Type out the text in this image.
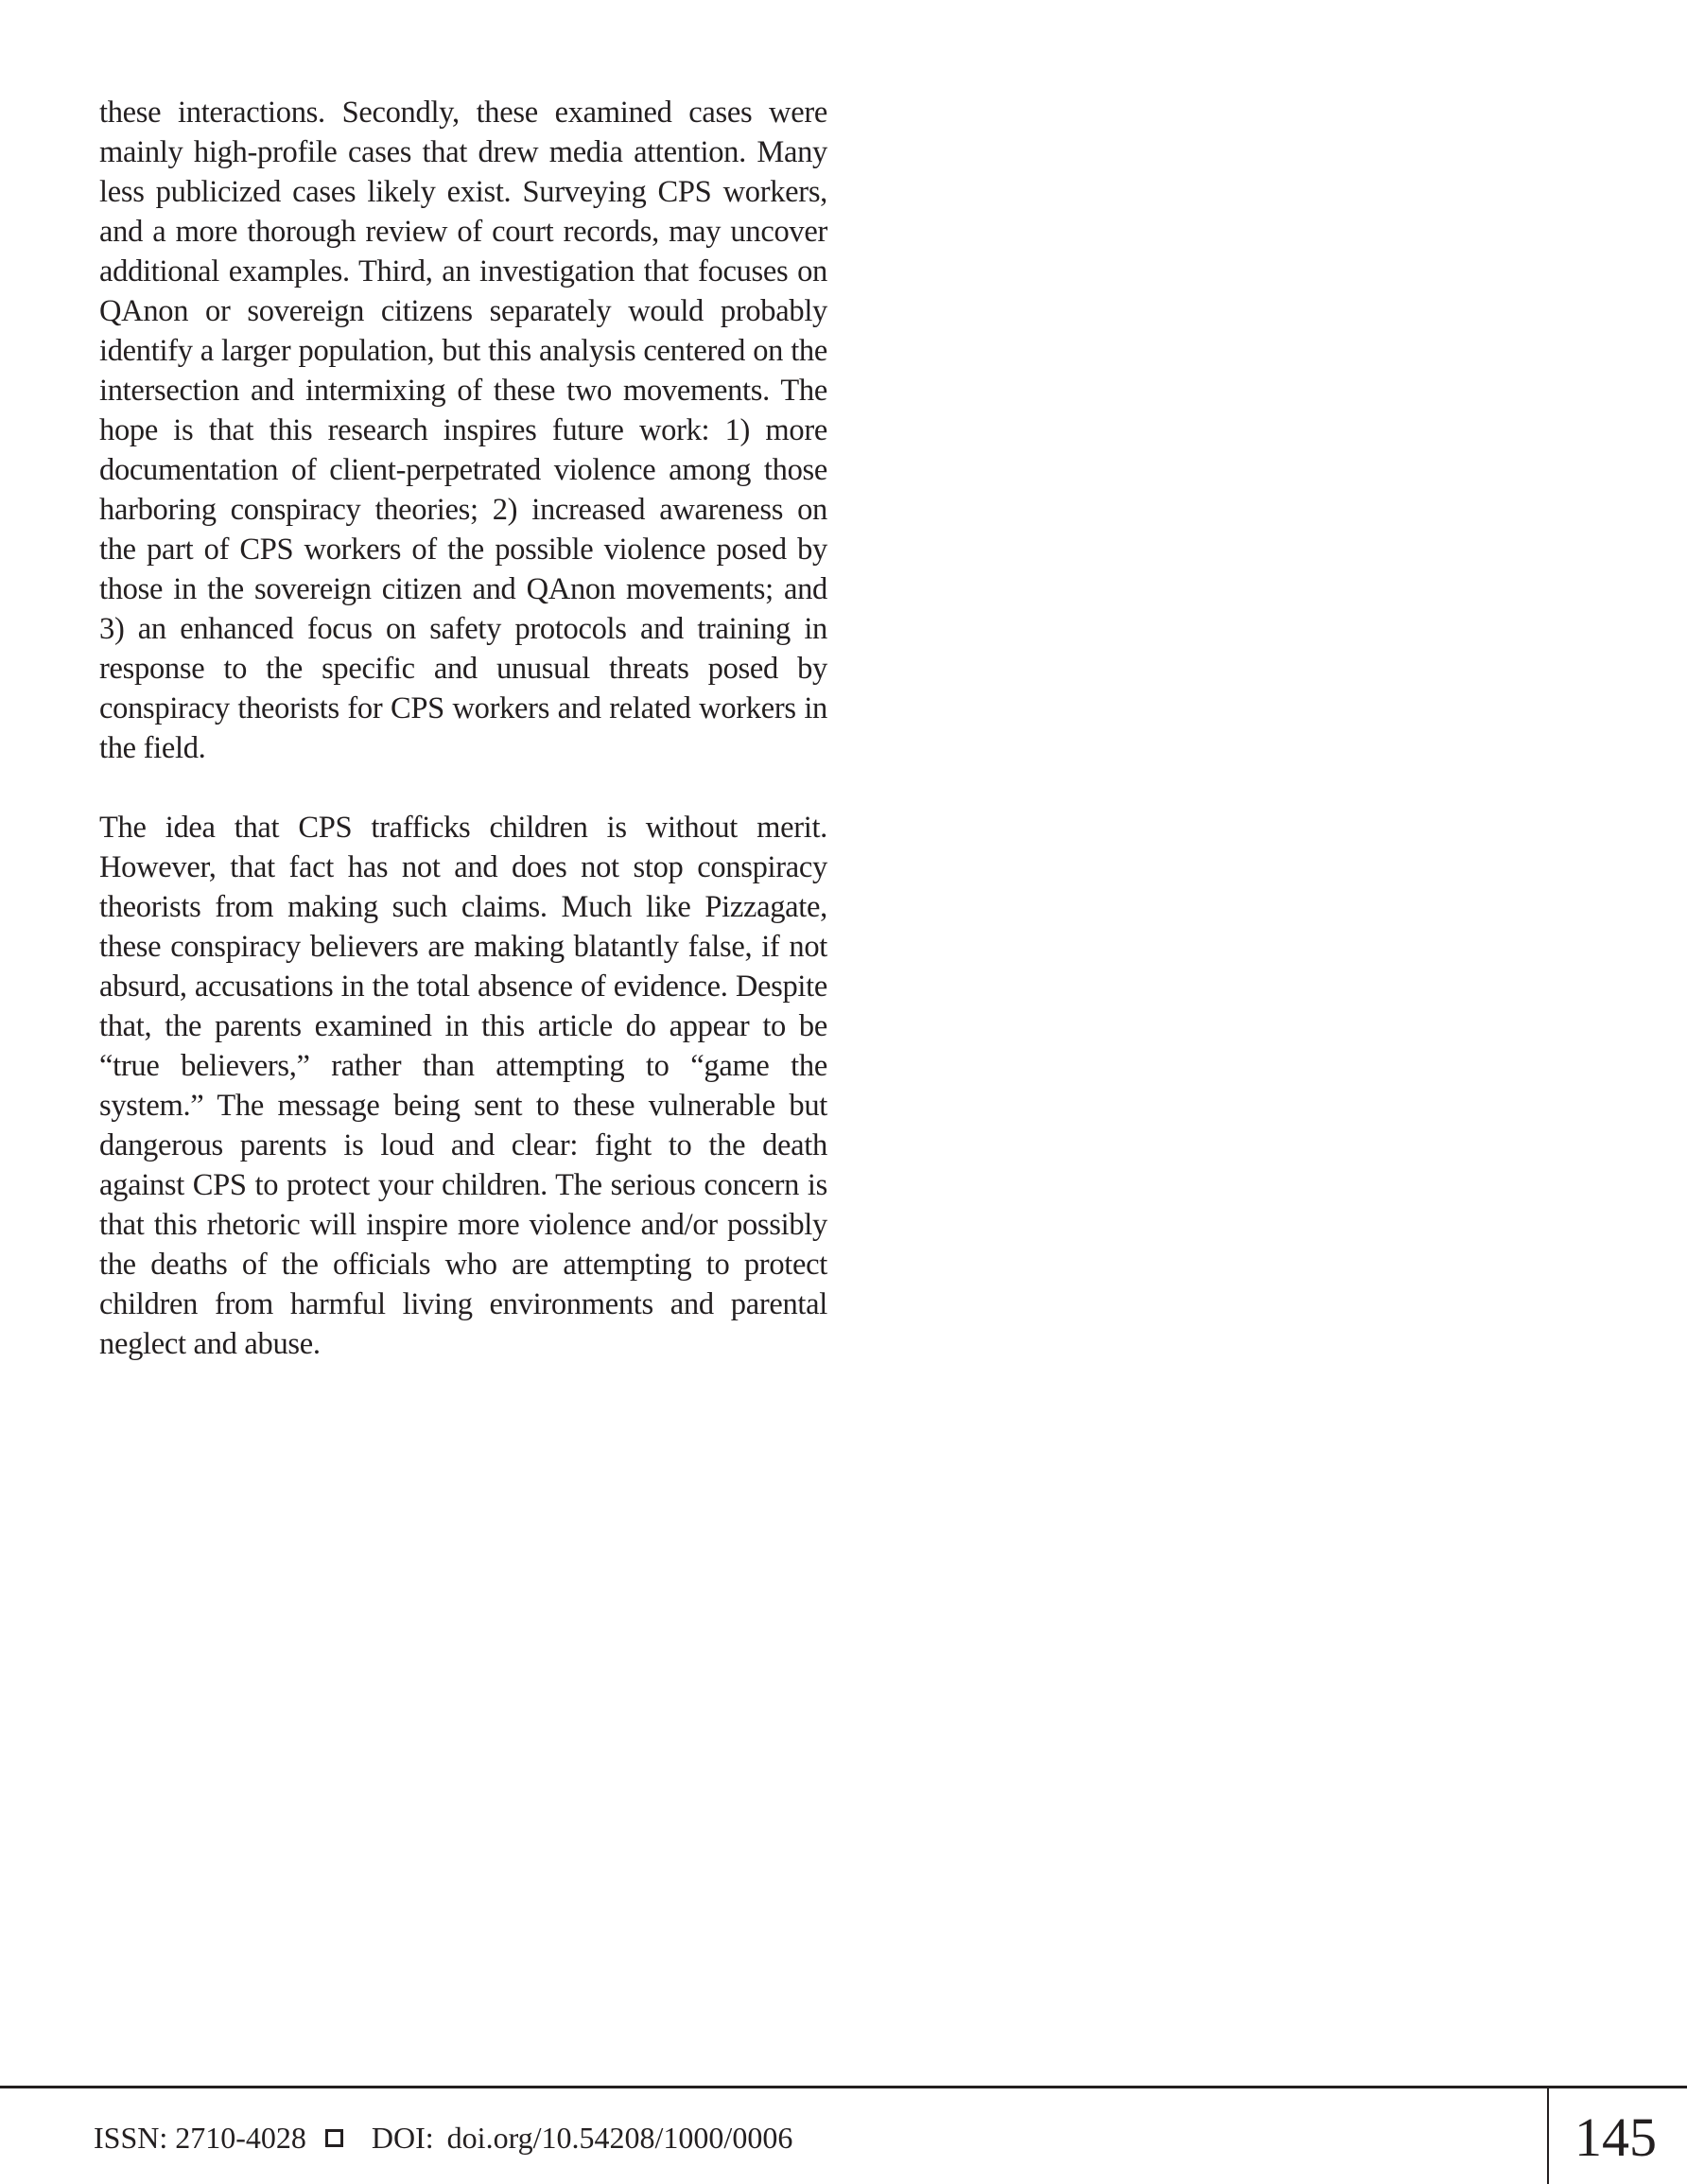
these interactions. Secondly, these examined cases were mainly high-profile cases that drew media attention. Many less publicized cases likely exist. Surveying CPS workers, and a more thorough review of court records, may uncover additional examples. Third, an investigation that focuses on QAnon or sovereign citizens separately would probably identify a larger population, but this analysis centered on the intersection and intermixing of these two movements. The hope is that this research inspires future work: 1) more documentation of client-perpetrated violence among those harboring conspiracy theories; 2) increased awareness on the part of CPS workers of the possible violence posed by those in the sovereign citizen and QAnon movements; and 3) an enhanced focus on safety protocols and training in response to the specific and unusual threats posed by conspiracy theorists for CPS workers and related workers in the field.

The idea that CPS trafficks children is without merit. However, that fact has not and does not stop conspiracy theorists from making such claims. Much like Pizzagate, these conspiracy believers are making blatantly false, if not absurd, accusations in the total absence of evidence. Despite that, the parents examined in this article do appear to be “true believers,” rather than attempting to “game the system.” The message being sent to these vulnerable but dangerous parents is loud and clear: fight to the death against CPS to protect your children. The serious concern is that this rhetoric will inspire more violence and/or possibly the deaths of the officials who are attempting to protect children from harmful living environments and parental neglect and abuse.

ISSN: 2710-4028 DOI: doi.org/10.54208/1000/0006	145
